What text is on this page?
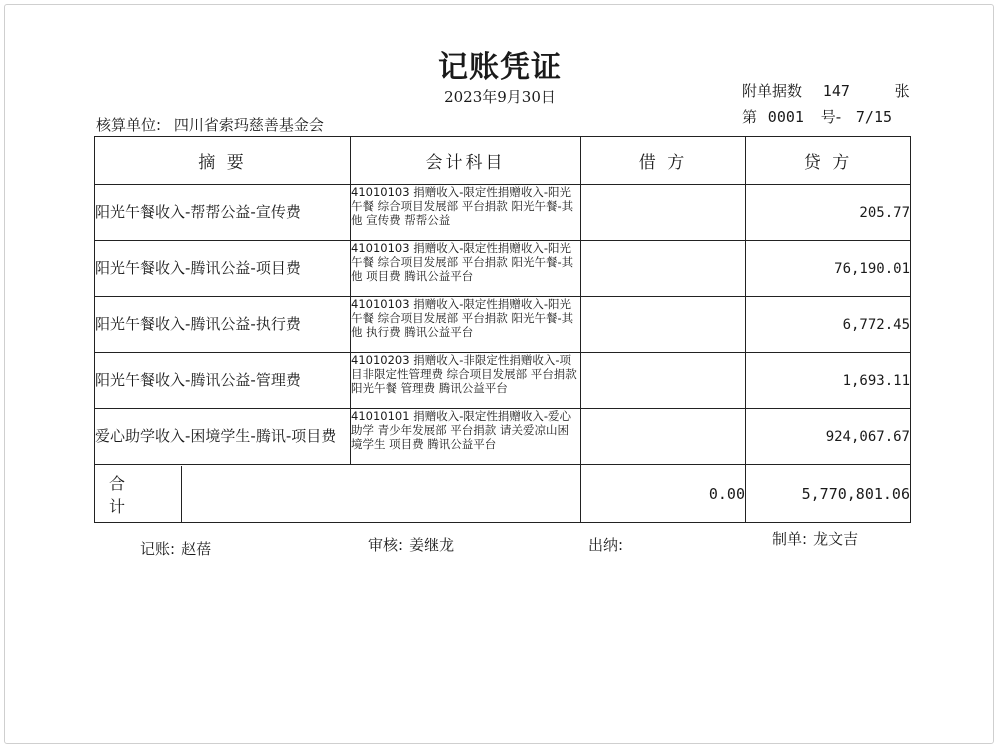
记账凭证
2023年9月30日	附单据数 147	张
第 0001 号- 7/15
核算单位: 四川省索玛慈善基金会
摘 要	会计科目	借 方	贷 方
阳光午餐收入-帮帮公益-宣传费	41010103 捐赠收入-限定性捐赠收入-阳光午餐 综合项目发展部 平台捐款 阳光午餐-其他 宣传费 帮帮公益		205.77
阳光午餐收入-腾讯公益-项目费	41010103 捐赠收入-限定性捐赠收入-阳光午餐 综合项目发展部 平台捐款 阳光午餐-其他 项目费 腾讯公益平台		76,190.01
阳光午餐收入-腾讯公益-执行费	41010103 捐赠收入-限定性捐赠收入-阳光午餐 综合项目发展部 平台捐款 阳光午餐-其他 执行费 腾讯公益平台		6,772.45
阳光午餐收入-腾讯公益-管理费	41010203 捐赠收入-非限定性捐赠收入-项目非限定性管理费 综合项目发展部 平台捐款 阳光午餐 管理费 腾讯公益平台		1,693.11
爱心助学收入-困境学生-腾讯-项目费	41010101 捐赠收入-限定性捐赠收入-爱心助学 青少年发展部 平台捐款 请关爱凉山困境学生 项目费 腾讯公益平台		924,067.67

合 计		0.00	5,770,801.06
记账: 赵蓓	审核: 姜继龙	出纳:	制单: 龙文吉
